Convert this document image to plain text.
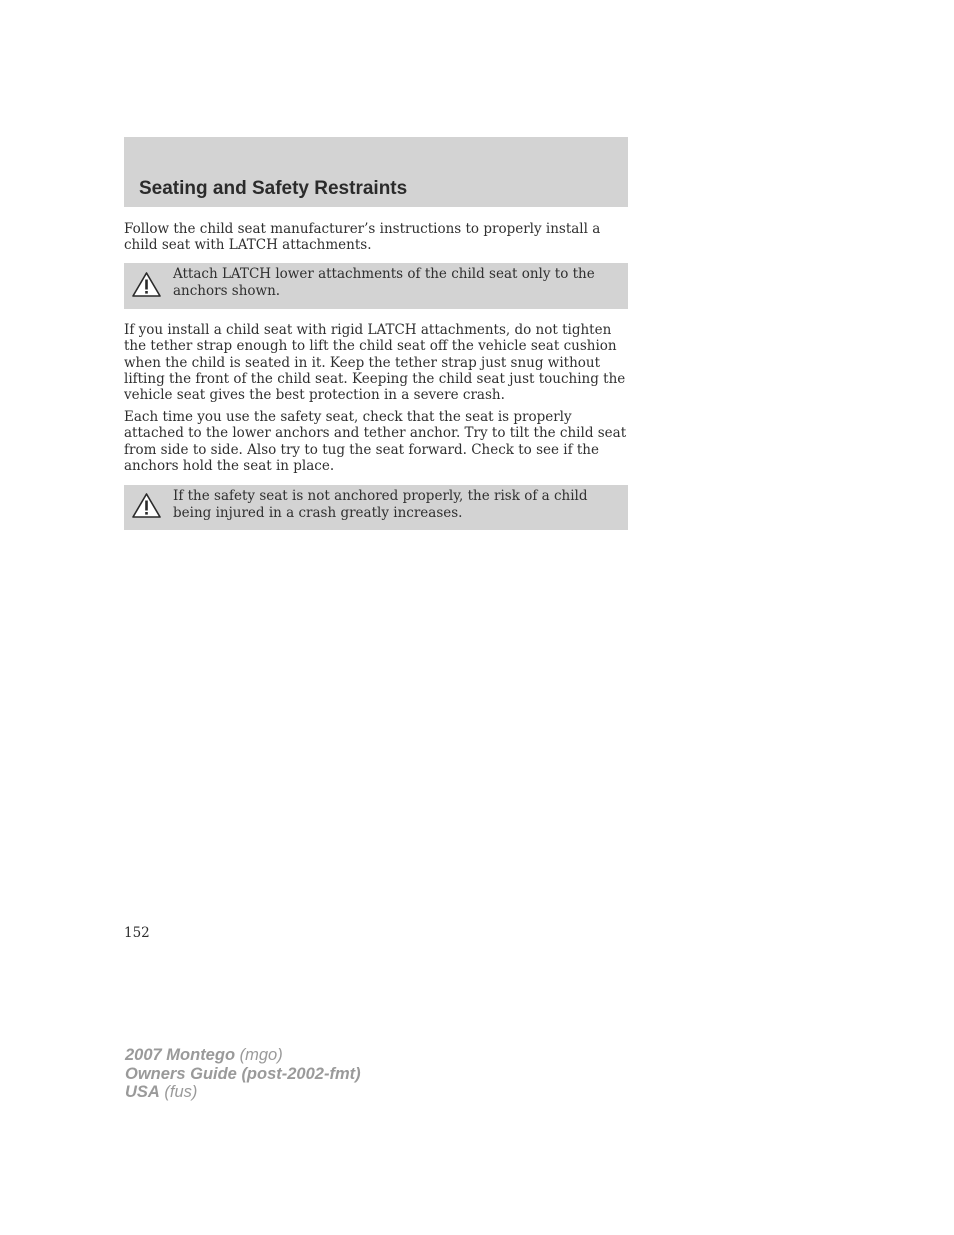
Seating and Safety Restraints

Follow the child seat manufacturer’s instructions to properly install a child seat with LATCH attachments.

Attach LATCH lower attachments of the child seat only to the anchors shown.

If you install a child seat with rigid LATCH attachments, do not tighten the tether strap enough to lift the child seat off the vehicle seat cushion when the child is seated in it. Keep the tether strap just snug without lifting the front of the child seat. Keeping the child seat just touching the vehicle seat gives the best protection in a severe crash.

Each time you use the safety seat, check that the seat is properly attached to the lower anchors and tether anchor. Try to tilt the child seat from side to side. Also try to tug the seat forward. Check to see if the anchors hold the seat in place.

If the safety seat is not anchored properly, the risk of a child being injured in a crash greatly increases.

152
2007 Montego (mgo)
Owners Guide (post-2002-fmt)
USA (fus)
